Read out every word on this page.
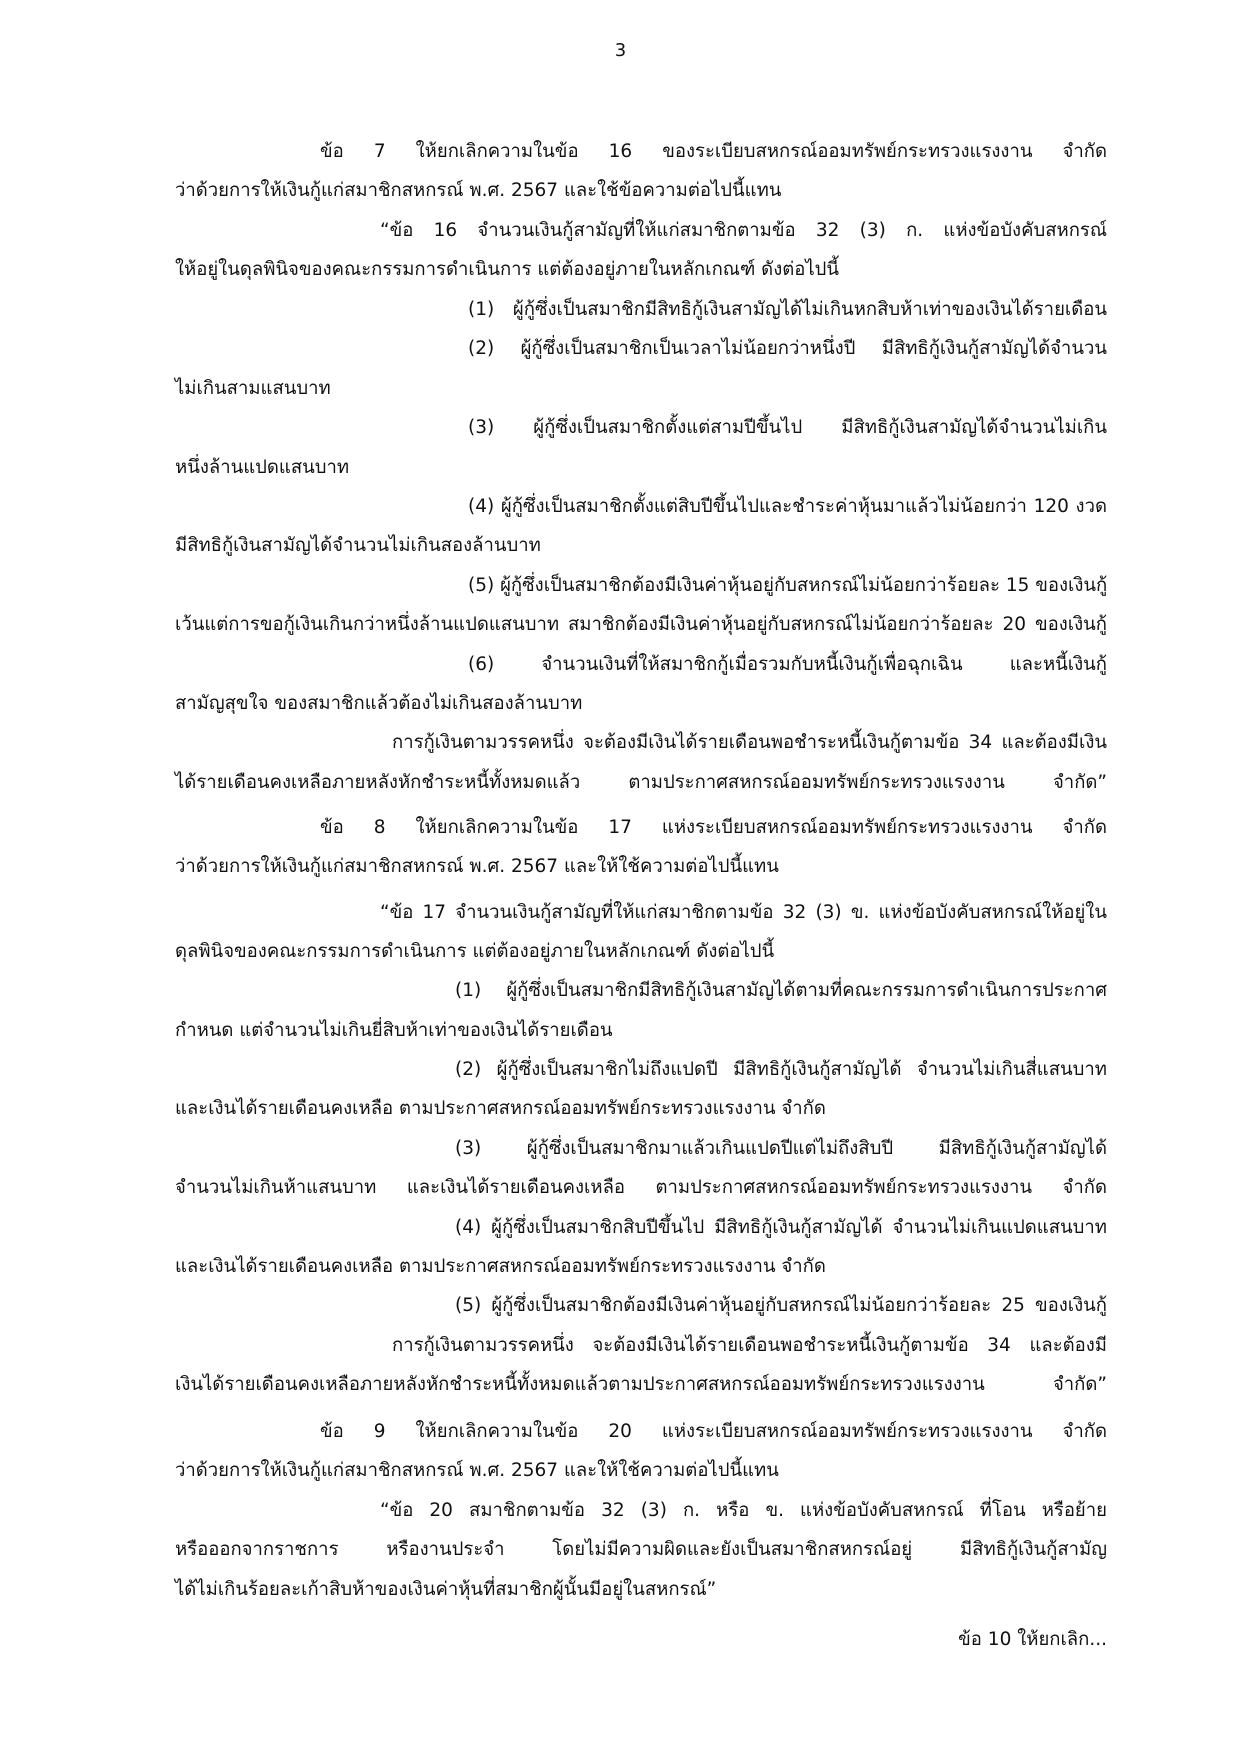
3
ข้อ 7 ให้ยกเลิกความในข้อ 16 ของระเบียบสหกรณ์ออมทรัพย์กระทรวงแรงงาน จำกัด
ว่าด้วยการให้เงินกู้แก่สมาชิกสหกรณ์ พ.ศ. 2567 และใช้ข้อความต่อไปนี้แทน
“ข้อ 16 จำนวนเงินกู้สามัญที่ให้แก่สมาชิกตามข้อ 32 (3) ก. แห่งข้อบังคับสหกรณ์
ให้อยู่ในดุลพินิจของคณะกรรมการดำเนินการ แต่ต้องอยู่ภายในหลักเกณฑ์ ดังต่อไปนี้
(1) ผู้กู้ซึ่งเป็นสมาชิกมีสิทธิกู้เงินสามัญได้ไม่เกินหกสิบห้าเท่าของเงินได้รายเดือน
(2) ผู้กู้ซึ่งเป็นสมาชิกเป็นเวลาไม่น้อยกว่าหนึ่งปี มีสิทธิกู้เงินกู้สามัญได้จำนวน
ไม่เกินสามแสนบาท
(3) ผู้กู้ซึ่งเป็นสมาชิกตั้งแต่สามปีขึ้นไป มีสิทธิกู้เงินสามัญได้จำนวนไม่เกิน
หนึ่งล้านแปดแสนบาท
(4) ผู้กู้ซึ่งเป็นสมาชิกตั้งแต่สิบปีขึ้นไปและชำระค่าหุ้นมาแล้วไม่น้อยกว่า 120 งวด
มีสิทธิกู้เงินสามัญได้จำนวนไม่เกินสองล้านบาท
(5) ผู้กู้ซึ่งเป็นสมาชิกต้องมีเงินค่าหุ้นอยู่กับสหกรณ์ไม่น้อยกว่าร้อยละ 15 ของเงินกู้
เว้นแต่การขอกู้เงินเกินกว่าหนึ่งล้านแปดแสนบาท สมาชิกต้องมีเงินค่าหุ้นอยู่กับสหกรณ์ไม่น้อยกว่าร้อยละ 20 ของเงินกู้
(6) จำนวนเงินที่ให้สมาชิกกู้เมื่อรวมกับหนี้เงินกู้เพื่อฉุกเฉิน และหนี้เงินกู้
สามัญสุขใจ ของสมาชิกแล้วต้องไม่เกินสองล้านบาท
การกู้เงินตามวรรคหนึ่ง จะต้องมีเงินได้รายเดือนพอชำระหนี้เงินกู้ตามข้อ 34 และต้องมีเงิน
ได้รายเดือนคงเหลือภายหลังหักชำระหนี้ทั้งหมดแล้ว ตามประกาศสหกรณ์ออมทรัพย์กระทรวงแรงงาน จำกัด”
ข้อ 8 ให้ยกเลิกความในข้อ 17 แห่งระเบียบสหกรณ์ออมทรัพย์กระทรวงแรงงาน จำกัด
ว่าด้วยการให้เงินกู้แก่สมาชิกสหกรณ์ พ.ศ. 2567 และให้ใช้ความต่อไปนี้แทน
“ข้อ 17 จำนวนเงินกู้สามัญที่ให้แก่สมาชิกตามข้อ 32 (3) ข. แห่งข้อบังคับสหกรณ์ให้อยู่ใน
ดุลพินิจของคณะกรรมการดำเนินการ แต่ต้องอยู่ภายในหลักเกณฑ์ ดังต่อไปนี้
(1) ผู้กู้ซึ่งเป็นสมาชิกมีสิทธิกู้เงินสามัญได้ตามที่คณะกรรมการดำเนินการประกาศ
กำหนด แต่จำนวนไม่เกินยี่สิบห้าเท่าของเงินได้รายเดือน
(2) ผู้กู้ซึ่งเป็นสมาชิกไม่ถึงแปดปี มีสิทธิกู้เงินกู้สามัญได้ จำนวนไม่เกินสี่แสนบาท
และเงินได้รายเดือนคงเหลือ ตามประกาศสหกรณ์ออมทรัพย์กระทรวงแรงงาน จำกัด
(3) ผู้กู้ซึ่งเป็นสมาชิกมาแล้วเกินแปดปีแต่ไม่ถึงสิบปี มีสิทธิกู้เงินกู้สามัญได้
จำนวนไม่เกินห้าแสนบาท และเงินได้รายเดือนคงเหลือ ตามประกาศสหกรณ์ออมทรัพย์กระทรวงแรงงาน จำกัด
(4) ผู้กู้ซึ่งเป็นสมาชิกสิบปีขึ้นไป มีสิทธิกู้เงินกู้สามัญได้ จำนวนไม่เกินแปดแสนบาท
และเงินได้รายเดือนคงเหลือ ตามประกาศสหกรณ์ออมทรัพย์กระทรวงแรงงาน จำกัด
(5) ผู้กู้ซึ่งเป็นสมาชิกต้องมีเงินค่าหุ้นอยู่กับสหกรณ์ไม่น้อยกว่าร้อยละ 25 ของเงินกู้
การกู้เงินตามวรรคหนึ่ง จะต้องมีเงินได้รายเดือนพอชำระหนี้เงินกู้ตามข้อ 34 และต้องมี
เงินได้รายเดือนคงเหลือภายหลังหักชำระหนี้ทั้งหมดแล้วตามประกาศสหกรณ์ออมทรัพย์กระทรวงแรงงาน จำกัด”
ข้อ 9 ให้ยกเลิกความในข้อ 20 แห่งระเบียบสหกรณ์ออมทรัพย์กระทรวงแรงงาน จำกัด
ว่าด้วยการให้เงินกู้แก่สมาชิกสหกรณ์ พ.ศ. 2567 และให้ใช้ความต่อไปนี้แทน
“ข้อ 20 สมาชิกตามข้อ 32 (3) ก. หรือ ข. แห่งข้อบังคับสหกรณ์ ที่โอน หรือย้าย
หรือออกจากราชการ หรืองานประจำ โดยไม่มีความผิดและยังเป็นสมาชิกสหกรณ์อยู่ มีสิทธิกู้เงินกู้สามัญ
ได้ไม่เกินร้อยละเก้าสิบห้าของเงินค่าหุ้นที่สมาชิกผู้นั้นมีอยู่ในสหกรณ์”
ข้อ 10 ให้ยกเลิก...
